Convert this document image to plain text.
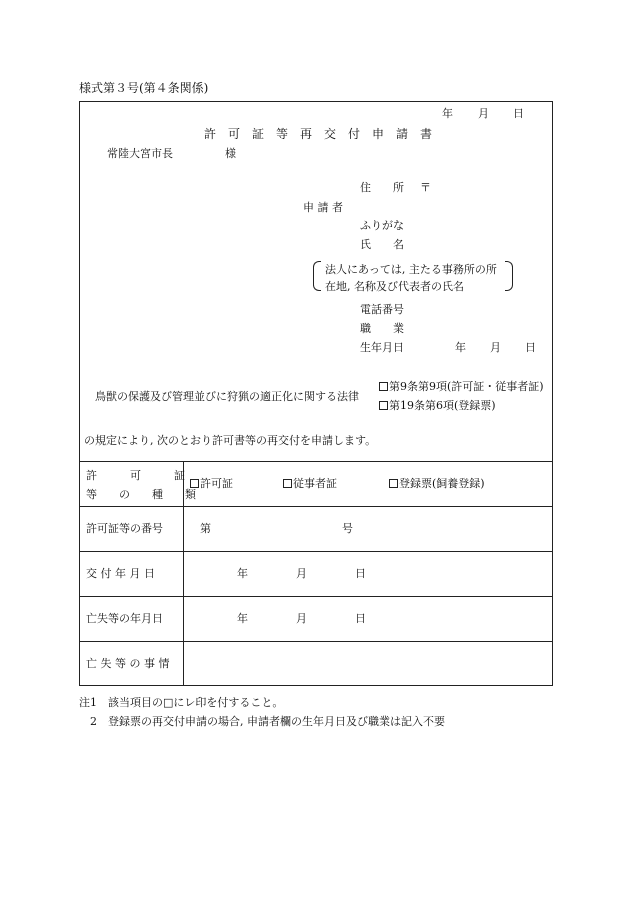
様式第３号(第４条関係)
年 月 日
許　可　証　等　再　交　付　申　請　書
常陸大宮市長	様
住　　所 〒
申 請 者
ふりがな
氏　　名
法人にあっては, 主たる事務所の所
在地, 名称及び代表者の氏名
電話番号
職　　業
生年月日	年 月 日
鳥獣の保護及び管理並びに狩猟の適正化に関する法律
第9条第9項(許可証・従事者証)
第19条第6項(登録票)
の規定により, 次のとおり許可書等の再交付を申請します。
許　　　可　　　証
等　　の　　種　　類
許可証	従事者証	登録票(飼養登録)
許可証等の番号	第	号
交 付 年 月 日	年	月	日
亡失等の年月日	年	月	日
亡 失 等 の 事 情
注1　該当項目の□にレ印を付すること。
2　登録票の再交付申請の場合, 申請者欄の生年月日及び職業は記入不要
